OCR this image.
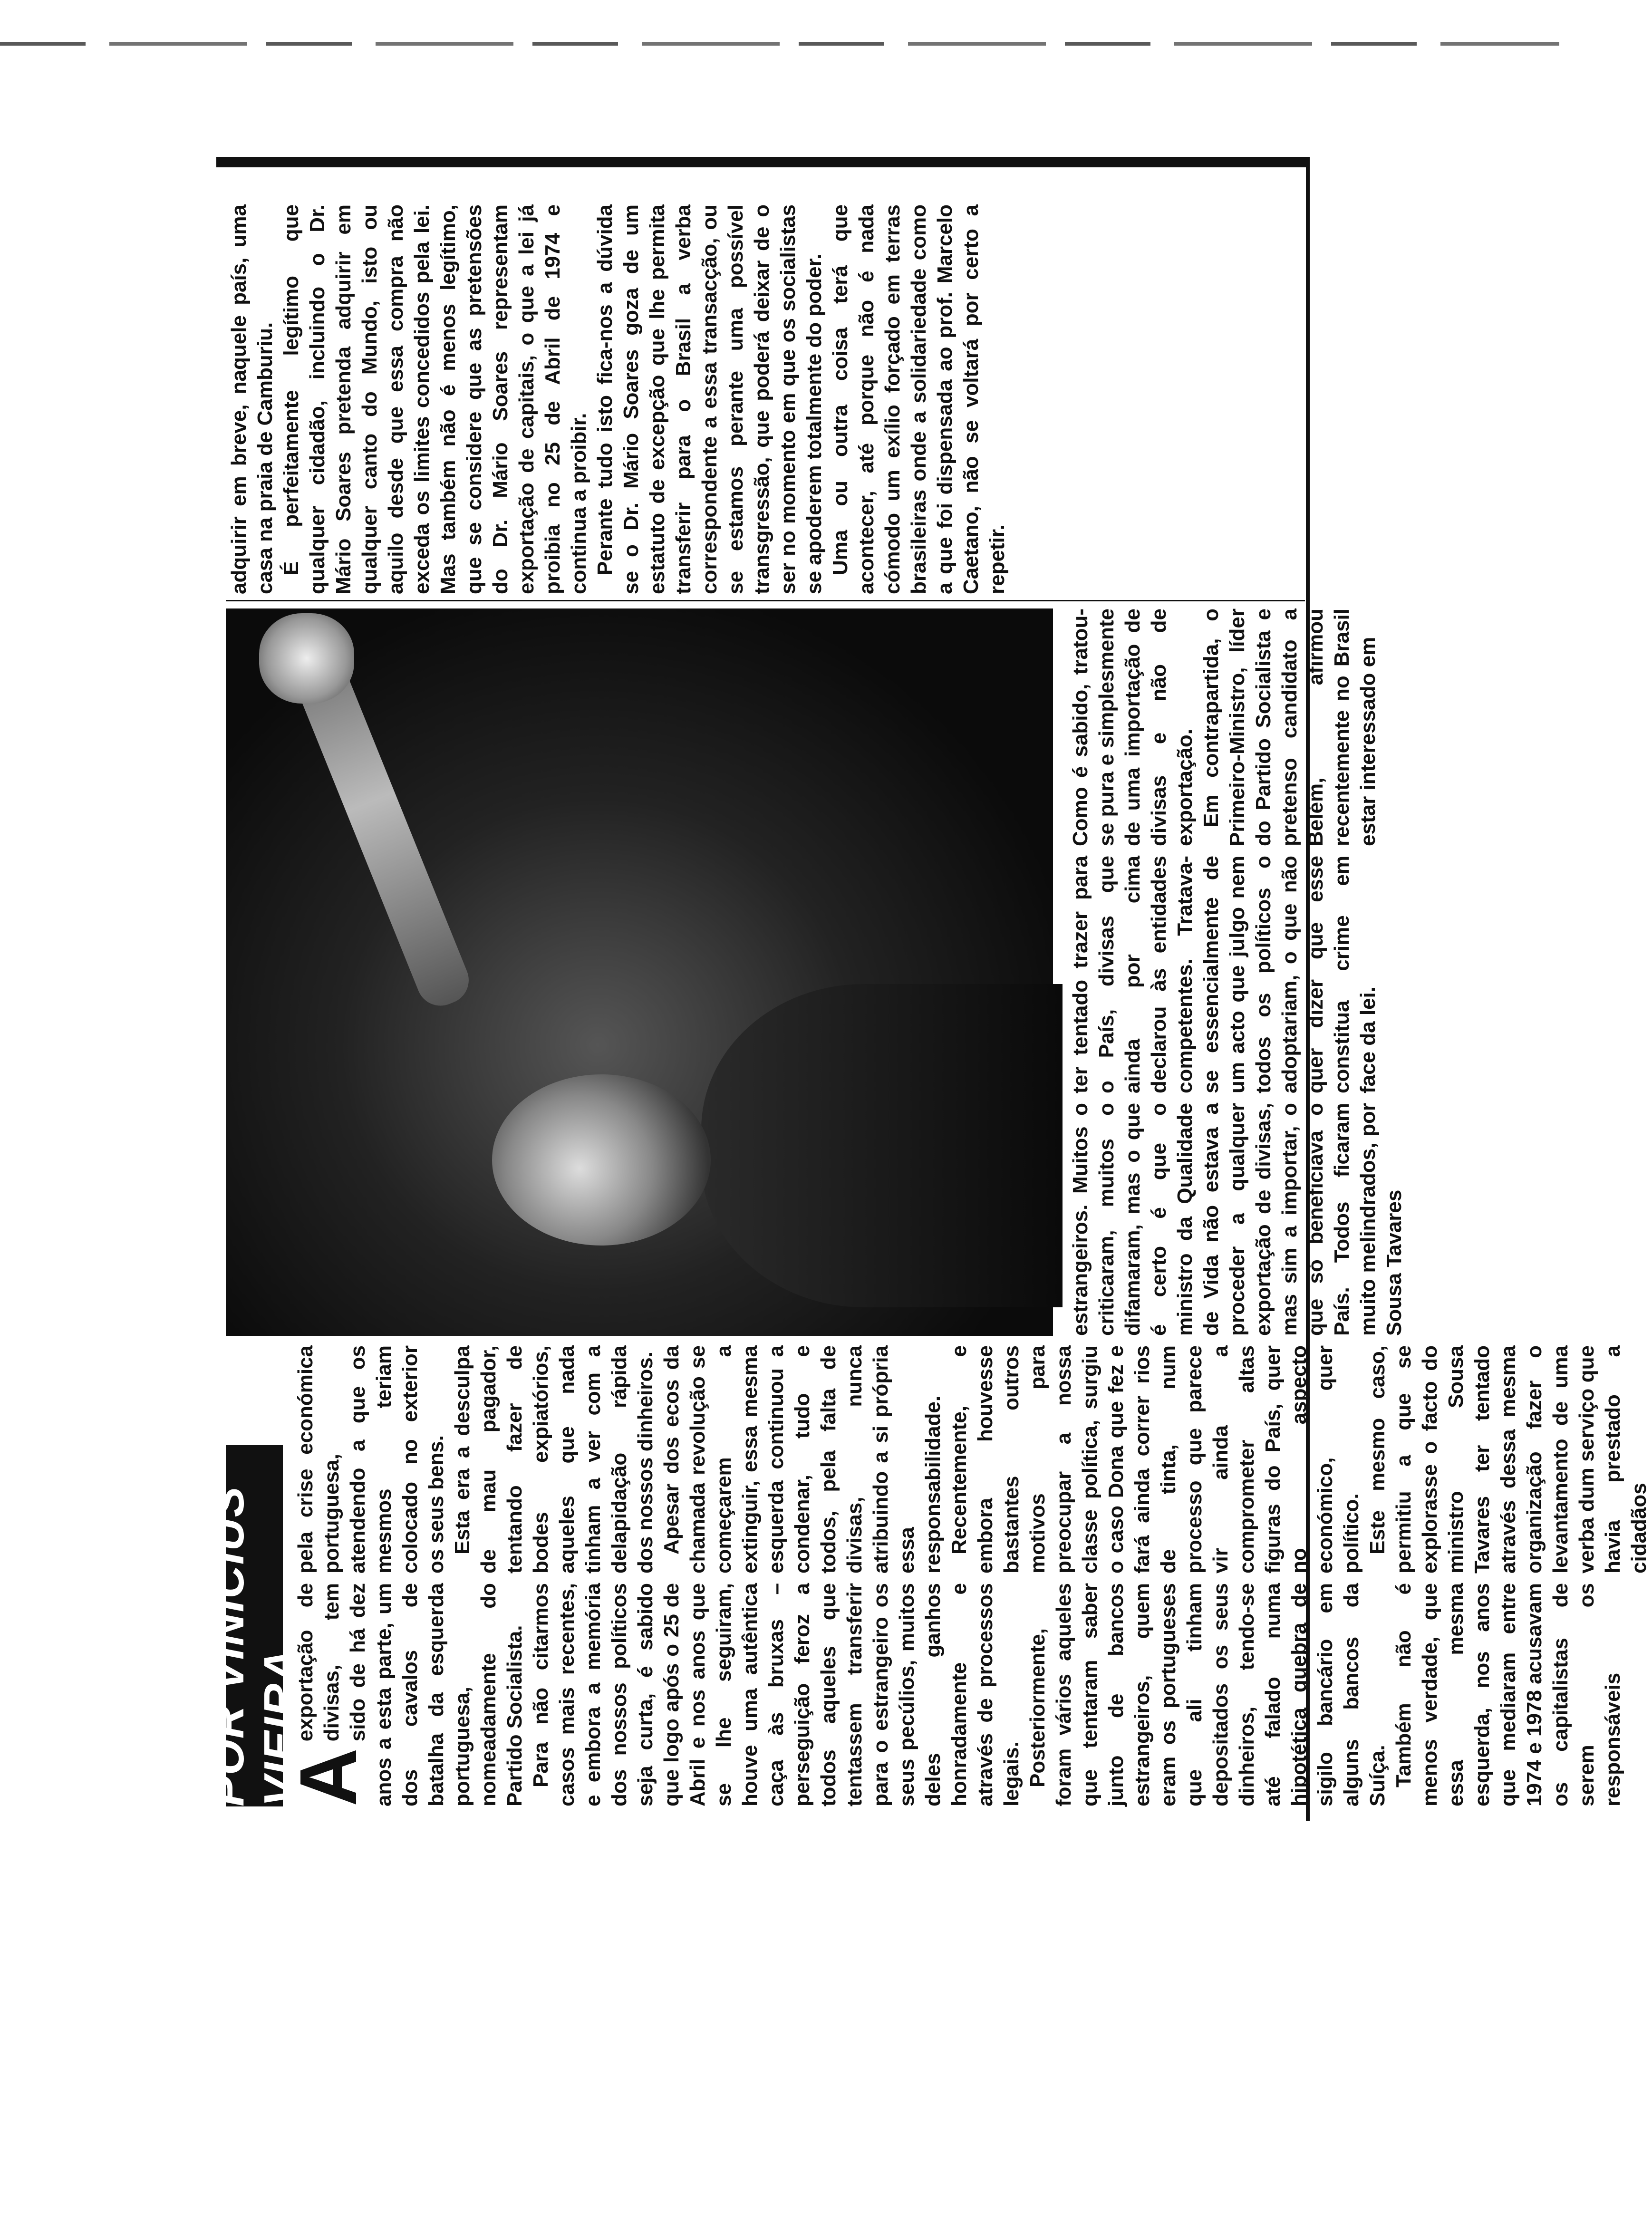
POR VINÍCIUS VIEIRA

Aexportação de divisas, tem sido de há dez anos a esta parte, um dos cavalos de batalha da esquerda portuguesa, nomeadamente do Partido Socialista. Para não citarmos casos mais recentes, e embora a memória dos nossos políticos seja curta, é sabido que logo após o 25 de Abril e nos anos que se lhe seguiram, houve uma autêntica caça às bruxas – perseguição feroz a todos aqueles que tentassem transferir para o estrangeiro os seus pecúlios, muitos deles ganhos honradamente e através de processos legais. Posteriormente, foram vários aqueles que tentaram saber junto de bancos estrangeiros, quem eram os portugueses que ali tinham depositados os seus dinheiros, tendo-se até falado numa hipotética quebra de sigilo bancário em alguns bancos da Suíça. Também não é menos verdade, que essa mesma esquerda, nos anos que mediaram entre 1974 e 1978 acusavam os capitalistas de serem os responsáveis

pela crise económica portuguesa, atendendo a que os mesmos teriam colocado no exterior os seus bens. Esta era a desculpa de mau pagador, tentando fazer de bodes expiatórios, aqueles que nada tinham a ver com a delapidação rápida dos nossos dinheiros. Apesar dos ecos da chamada revolução se começarem a extinguir, essa mesma esquerda continuou a condenar, tudo e todos, pela falta de divisas, nunca atribuindo a si própria essa responsabilidade. Recentemente, e embora houvesse bastantes outros motivos para preocupar a nossa classe política, surgiu o caso Dona que fez e fará ainda correr rios de tinta, num processo que parece vir ainda a comprometer altas figuras do País, quer no aspecto económico, quer político. Este mesmo caso, permitiu a que se explorasse o facto do ministro Sousa Tavares ter tentado através dessa mesma organização fazer o levantamento de uma verba dum serviço que havia prestado a cidadãos

estrangeiros. Muitos o criticaram, muitos o difamaram, mas o que é certo é que o ministro da Qualidade de Vida não estava a proceder a qualquer exportação de divisas, mas sim a importar, o que só beneficiava o País. Todos ficaram muito melindrados, por Sousa Tavares

ter tentado trazer para o País, divisas que ainda por cima declarou às entidades competentes. Tratava-se essencialmente de um acto que julgo nem todos os políticos o adoptariam, o que não quer dizer que esse constitua crime em face da lei.

Como é sabido, tratou-se pura e simplesmente de uma importação de divisas e não de exportação. Em contrapartida, o Primeiro-Ministro, líder do Partido Socialista e pretenso candidato a Belém, afirmou recentemente no Brasil estar interessado em

adquirir em breve, naquele país, uma casa na praia de Camburiu. É perfeitamente legítimo que qualquer cidadão, incluindo o Dr. Mário Soares pretenda adquirir em qualquer canto do Mundo, isto ou aquilo desde que essa compra não exceda os limites concedidos pela lei. Mas também não é menos legítimo, que se considere que as pretensões do Dr. Mário Soares representam exportação de capitais, o que a lei já proibia no 25 de Abril de 1974 e continua a proibir. Perante tudo isto fica-nos a dúvida se o Dr. Mário Soares goza de um estatuto de excepção que lhe permita transferir para o Brasil a verba correspondente a essa transacção, ou se estamos perante uma possível transgressão, que poderá deixar de o ser no momento em que os socialistas se apoderem totalmente do poder. Uma ou outra coisa terá que acontecer, até porque não é nada cómodo um exílio forçado em terras brasileiras onde a solidariedade como a que foi dispensada ao prof. Marcelo Caetano, não se voltará por certo a repetir.
